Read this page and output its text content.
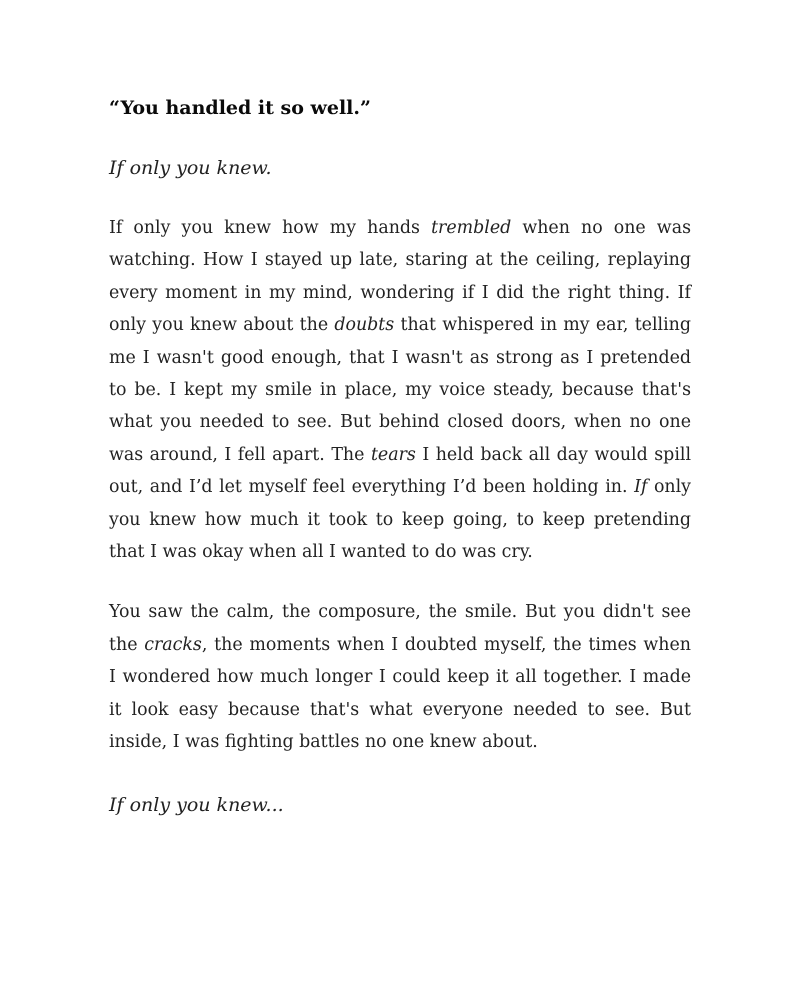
“You handled it so well.”

If only you knew.

If only you knew how my hands trembled when no one was watching. How I stayed up late, staring at the ceiling, replaying every moment in my mind, wondering if I did the right thing. If only you knew about the doubts that whispered in my ear, telling me I wasn't good enough, that I wasn't as strong as I pretended to be. I kept my smile in place, my voice steady, because that's what you needed to see. But behind closed doors, when no one was around, I fell apart. The tears I held back all day would spill out, and I’d let myself feel everything I’d been holding in. If only you knew how much it took to keep going, to keep pretending that I was okay when all I wanted to do was cry.

You saw the calm, the composure, the smile. But you didn't see the cracks, the moments when I doubted myself, the times when I wondered how much longer I could keep it all together. I made it look easy because that's what everyone needed to see. But inside, I was fighting battles no one knew about.

If only you knew...
